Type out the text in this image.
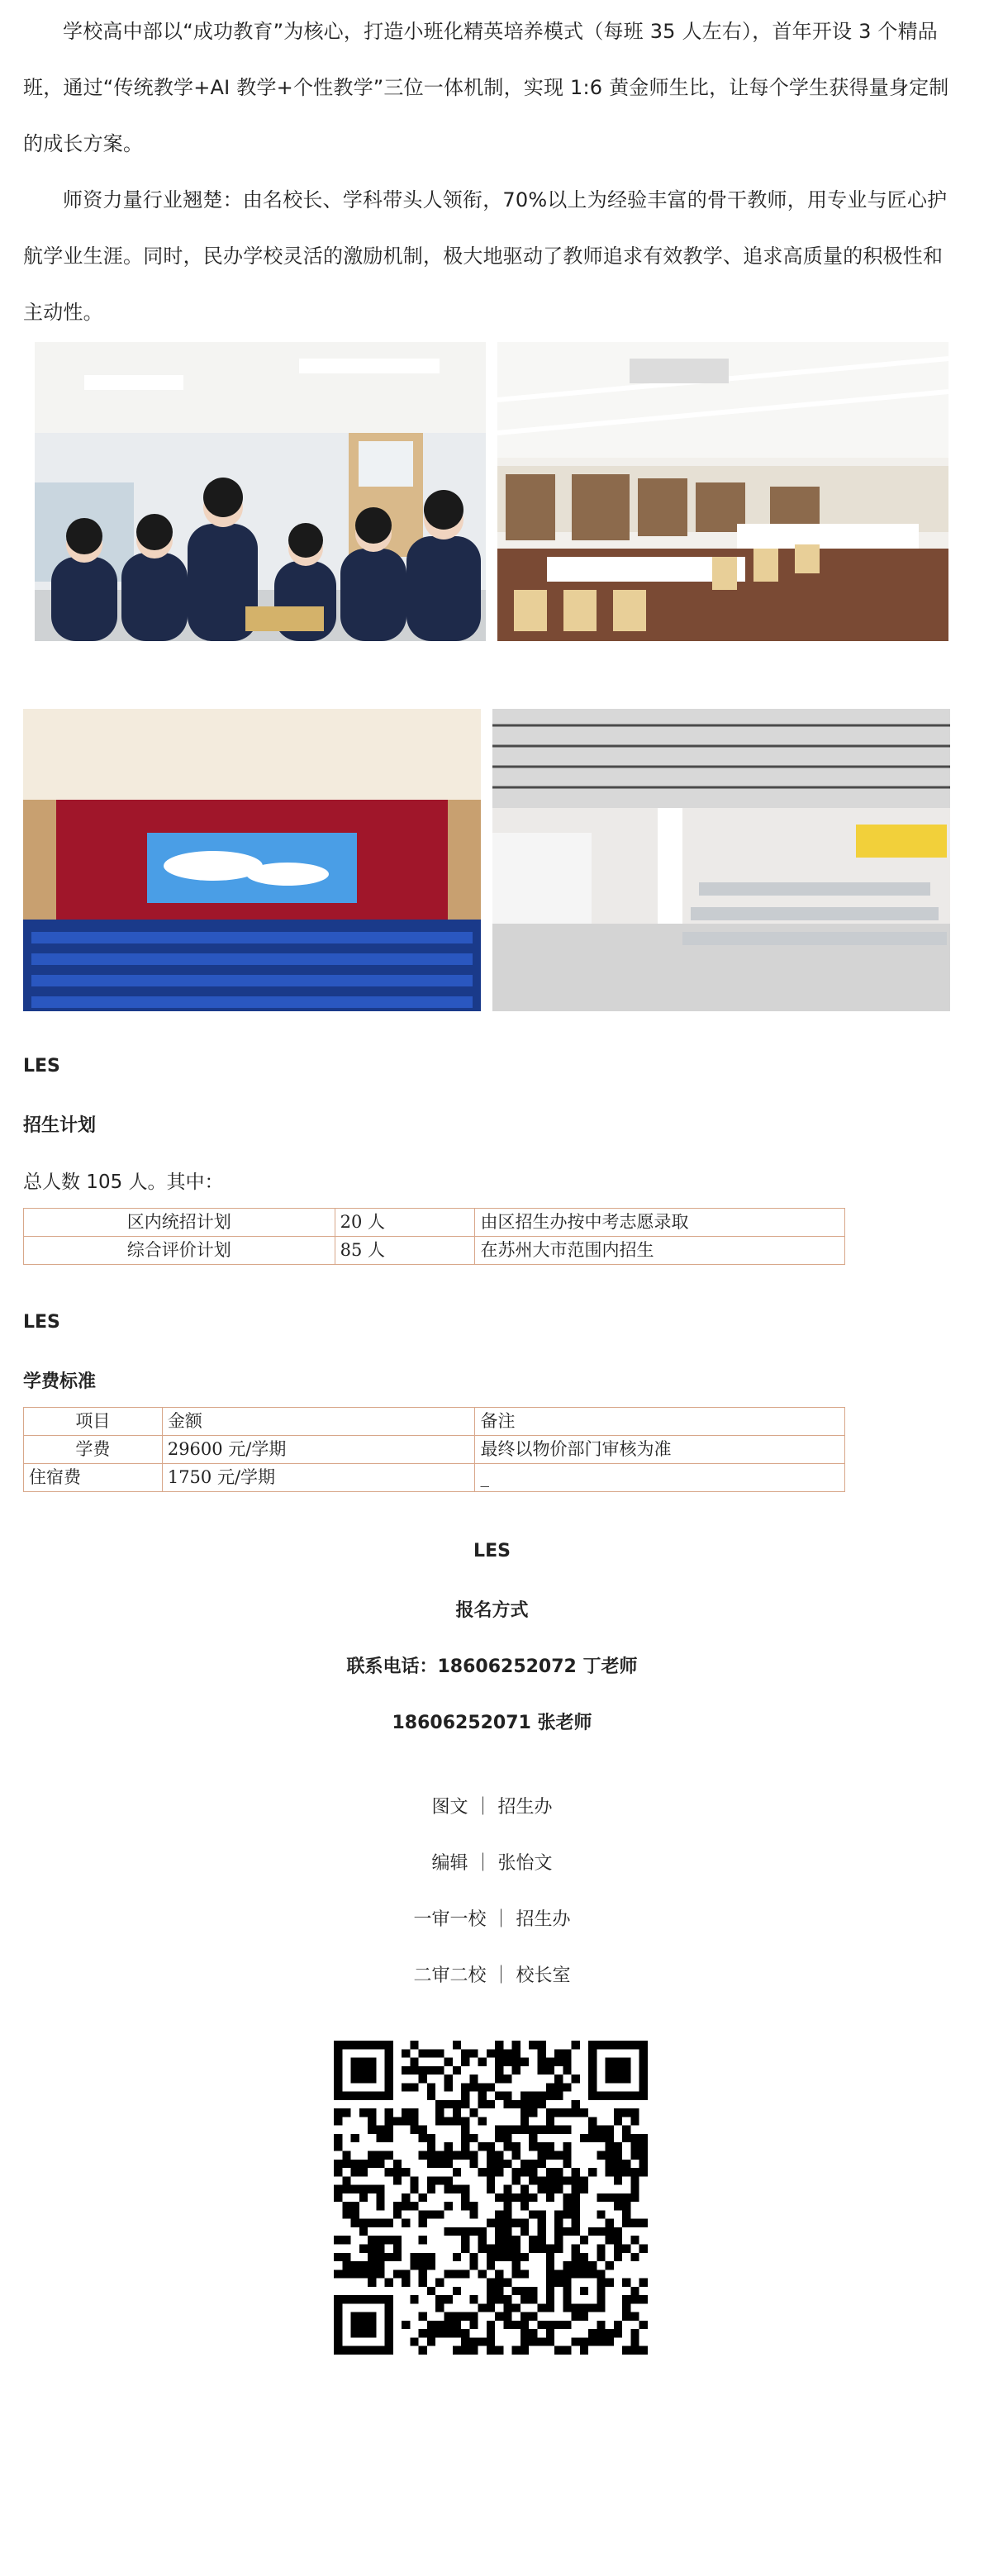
学校高中部以“成功教育”为核心，打造小班化精英培养模式（每班 35 人左右），首年开设 3 个精品班，通过“传统教学+AI 教学+个性教学”三位一体机制，实现 1:6 黄金师生比，让每个学生获得量身定制的成长方案。

师资力量行业翘楚：由名校长、学科带头人领衔，70%以上为经验丰富的骨干教师，用专业与匠心护航学业生涯。同时，民办学校灵活的激励机制，极大地驱动了教师追求有效教学、追求高质量的积极性和主动性。

LES

招生计划

总人数 105 人。其中：

区内统招计划	20 人	由区招生办按中考志愿录取
综合评价计划	85 人	在苏州大市范围内招生

LES

学费标准

项目	金额	备注
学费	29600 元/学期	最终以物价部门审核为准
住宿费	1750 元/学期	_

LES

报名方式

联系电话：18606252072 丁老师

18606252071 张老师

图文 ｜ 招生办

编辑 ｜ 张怡文

一审一校 ｜ 招生办

二审二校 ｜ 校长室
